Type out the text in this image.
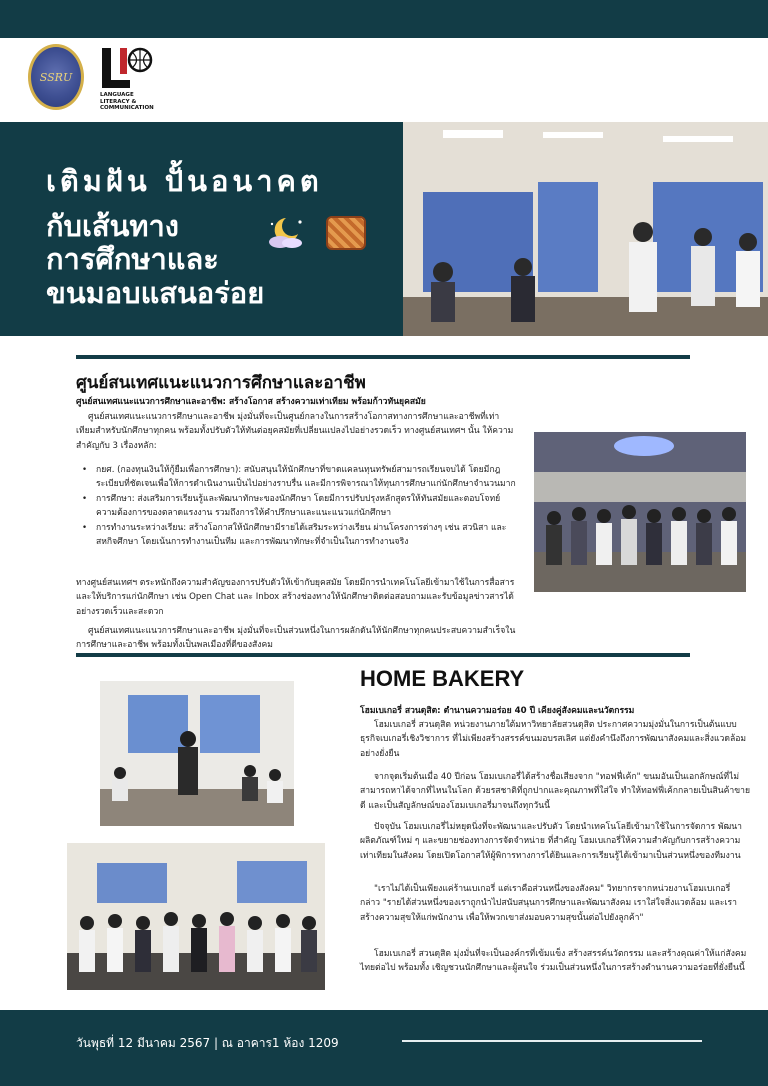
SSRU
LANGUAGE LITERACY & COMMUNICATION
เติมฝัน ปั้นอนาคต
กับเส้นทาง
การศึกษาและ
ขนมอบแสนอร่อย
ศูนย์สนเทศแนะแนวการศึกษาและอาชีพ
ศูนย์สนเทศแนะแนวการศึกษาและอาชีพ: สร้างโอกาส สร้างความเท่าเทียม พร้อมก้าวทันยุคสมัย

ศูนย์สนเทศแนะแนวการศึกษาและอาชีพ มุ่งมั่นที่จะเป็นศูนย์กลางในการสร้างโอกาสทางการศึกษาและอาชีพที่เท่าเทียมสำหรับนักศึกษาทุกคน พร้อมทั้งปรับตัวให้ทันต่อยุคสมัยที่เปลี่ยนแปลงไปอย่างรวดเร็ว ทางศูนย์สนเทศฯ นั้น ให้ความสำคัญกับ 3 เรื่องหลัก:

• กยศ. (กองทุนเงินให้กู้ยืมเพื่อการศึกษา): สนับสนุนให้นักศึกษาที่ขาดแคลนทุนทรัพย์สามารถเรียนจบได้ โดยมีกฎระเบียบที่ชัดเจนเพื่อให้การดำเนินงานเป็นไปอย่างราบรื่น และมีการพิจารณาให้ทุนการศึกษาแก่นักศึกษาจำนวนมาก
• การศึกษา: ส่งเสริมการเรียนรู้และพัฒนาทักษะของนักศึกษา โดยมีการปรับปรุงหลักสูตรให้ทันสมัยและตอบโจทย์ความต้องการของตลาดแรงงาน รวมถึงการให้คำปรึกษาและแนะแนวแก่นักศึกษา
• การทำงานระหว่างเรียน: สร้างโอกาสให้นักศึกษามีรายได้เสริมระหว่างเรียน ผ่านโครงการต่างๆ เช่น สวนิสา และสหกิจศึกษา โดยเน้นการทำงานเป็นทีม และการพัฒนาทักษะที่จำเป็นในการทำงานจริง

ทางศูนย์สนเทศฯ ตระหนักถึงความสำคัญของการปรับตัวให้เข้ากับยุคสมัย โดยมีการนำเทคโนโลยีเข้ามาใช้ในการสื่อสารและให้บริการแก่นักศึกษา เช่น Open Chat และ Inbox สร้างช่องทางให้นักศึกษาติดต่อสอบถามและรับข้อมูลข่าวสารได้อย่างรวดเร็วและสะดวก

ศูนย์สนเทศแนะแนวการศึกษาและอาชีพ มุ่งมั่นที่จะเป็นส่วนหนึ่งในการผลักดันให้นักศึกษาทุกคนประสบความสำเร็จในการศึกษาและอาชีพ พร้อมทั้งเป็นพลเมืองที่ดีของสังคม

HOME BAKERY
โฮมเบเกอรี่ สวนดุสิต: ตำนานความอร่อย 40 ปี เคียงคู่สังคมและนวัตกรรม

โฮมเบเกอรี่ สวนดุสิต หน่วยงานภายใต้มหาวิทยาลัยสวนดุสิต ประกาศความมุ่งมั่นในการเป็นต้นแบบธุรกิจเบเกอรี่เชิงวิชาการ ที่ไม่เพียงสร้างสรรค์ขนมอบรสเลิศ แต่ยังคำนึงถึงการพัฒนาสังคมและสิ่งแวดล้อมอย่างยั่งยืน

จากจุดเริ่มต้นเมื่อ 40 ปีก่อน โฮมเบเกอรี่ได้สร้างชื่อเสียงจาก "ทอฟฟี่เค้ก" ขนมอันเป็นเอกลักษณ์ที่ไม่สามารถหาได้จากที่ไหนในโลก ด้วยรสชาติที่ถูกปากและคุณภาพที่ใส่ใจ ทำให้ทอฟฟี่เค้กกลายเป็นสินค้าขายดี และเป็นสัญลักษณ์ของโฮมเบเกอรี่มาจนถึงทุกวันนี้

ปัจจุบัน โฮมเบเกอรี่ไม่หยุดนิ่งที่จะพัฒนาและปรับตัว โดยนำเทคโนโลยีเข้ามาใช้ในการจัดการ พัฒนาผลิตภัณฑ์ใหม่ ๆ และขยายช่องทางการจัดจำหน่าย ที่สำคัญ โฮมเบเกอรี่ให้ความสำคัญกับการสร้างความเท่าเทียมในสังคม โดยเปิดโอกาสให้ผู้พิการทางการได้ยินและการเรียนรู้ได้เข้ามาเป็นส่วนหนึ่งของทีมงาน

"เราไม่ได้เป็นเพียงแค่ร้านเบเกอรี่ แต่เราคือส่วนหนึ่งของสังคม" วิทยากรจากหน่วยงานโฮมเบเกอรี่กล่าว "รายได้ส่วนหนึ่งของเราถูกนำไปสนับสนุนการศึกษาและพัฒนาสังคม เราใส่ใจสิ่งแวดล้อม และเราสร้างความสุขให้แก่พนักงาน เพื่อให้พวกเขาส่งมอบความสุขนั้นต่อไปยังลูกค้า"

โฮมเบเกอรี่ สวนดุสิต มุ่งมั่นที่จะเป็นองค์กรที่เข้มแข็ง สร้างสรรค์นวัตกรรม และสร้างคุณค่าให้แก่สังคมไทยต่อไป พร้อมทั้ง เชิญชวนนักศึกษาและผู้สนใจ ร่วมเป็นส่วนหนึ่งในการสร้างตำนานความอร่อยที่ยั่งยืนนี้

วันพุธที่ 12 มีนาคม 2567 | ณ อาคาร1 ห้อง 1209
